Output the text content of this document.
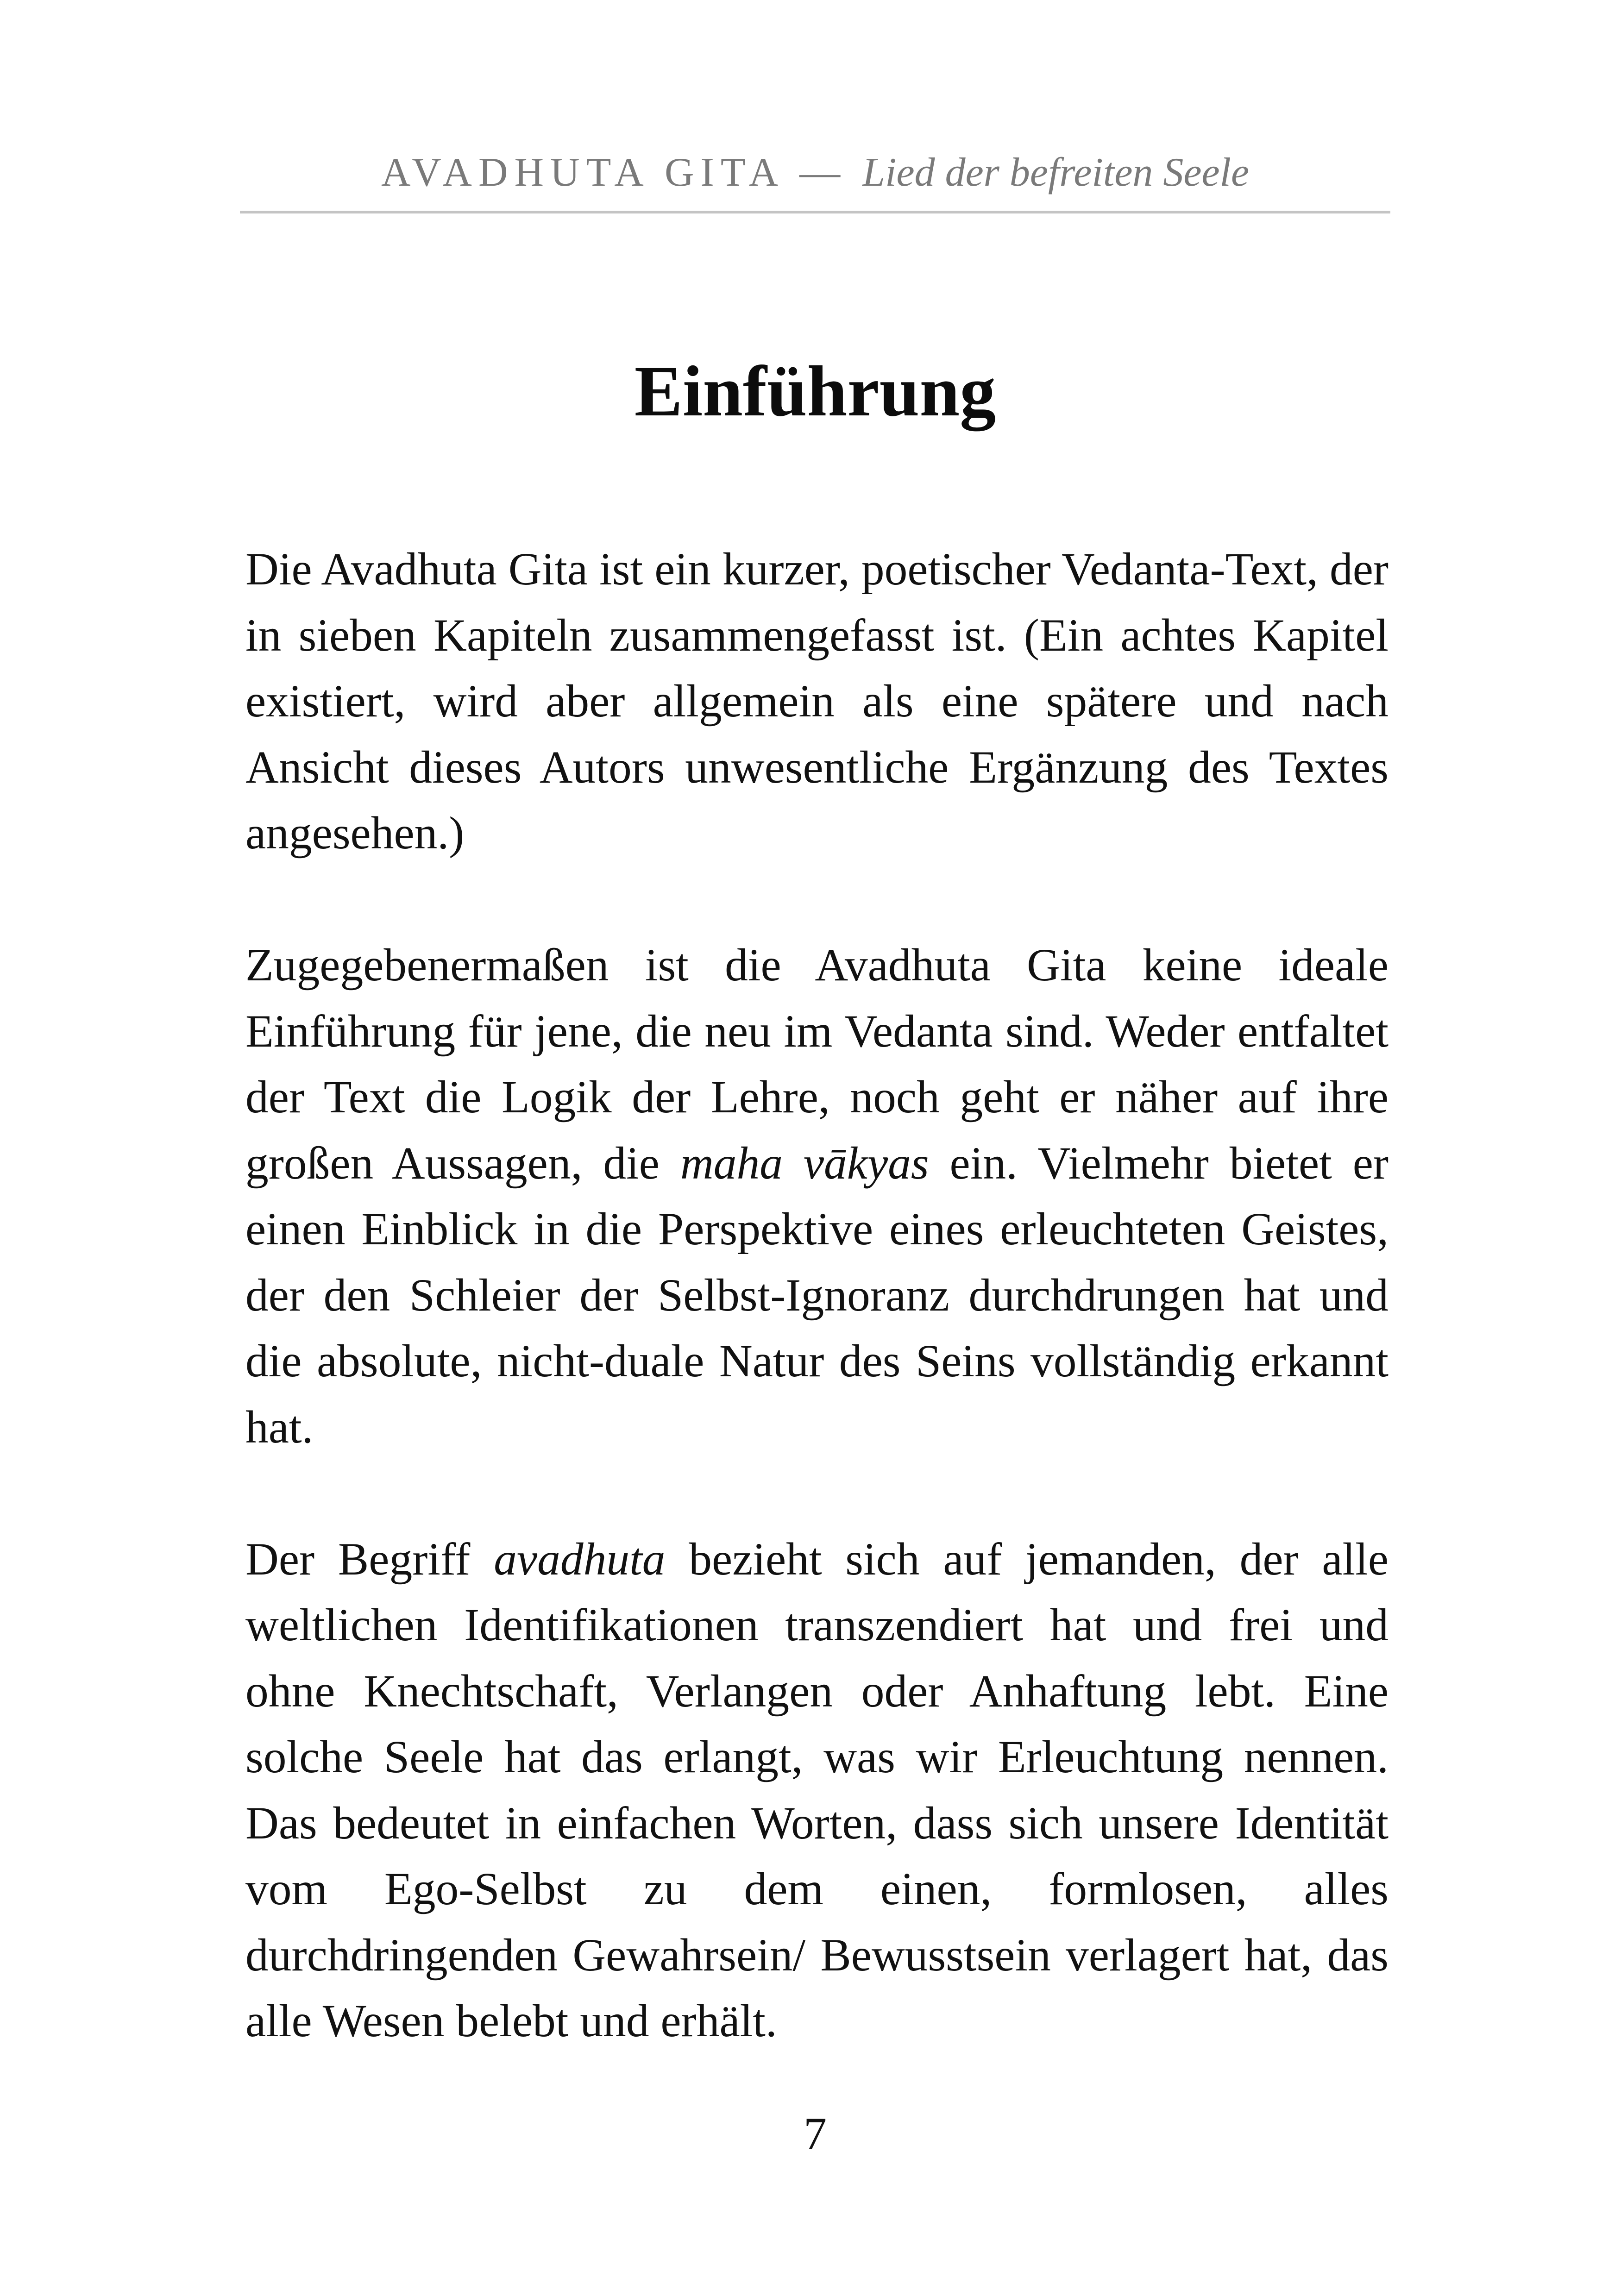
AVADHUTA GITA — Lied der befreiten Seele
Einführung

Die Avadhuta Gita ist ein kurzer, poetischer Vedanta-Text, der in sieben Kapiteln zusammengefasst ist. (Ein achtes Kapitel existiert, wird aber allgemein als eine spätere und nach Ansicht dieses Autors unwesentliche Ergänzung des Textes angesehen.)

Zugegebenermaßen ist die Avadhuta Gita keine ideale Einführung für jene, die neu im Vedanta sind. Weder entfaltet der Text die Logik der Lehre, noch geht er näher auf ihre großen Aussagen, die maha vākyas ein. Vielmehr bietet er einen Einblick in die Perspektive eines erleuchteten Geistes, der den Schleier der Selbst-Ignoranz durchdrungen hat und die absolute, nicht-duale Natur des Seins vollständig erkannt hat.

Der Begriff avadhuta bezieht sich auf jemanden, der alle weltlichen Identifikationen transzendiert hat und frei und ohne Knechtschaft, Verlangen oder Anhaftung lebt. Eine solche Seele hat das erlangt, was wir Erleuchtung nennen. Das bedeutet in einfachen Worten, dass sich unsere Identität vom Ego-Selbst zu dem einen, formlosen, alles durchdringenden Gewahrsein/ Bewusstsein verlagert hat, das alle Wesen belebt und erhält.

7
